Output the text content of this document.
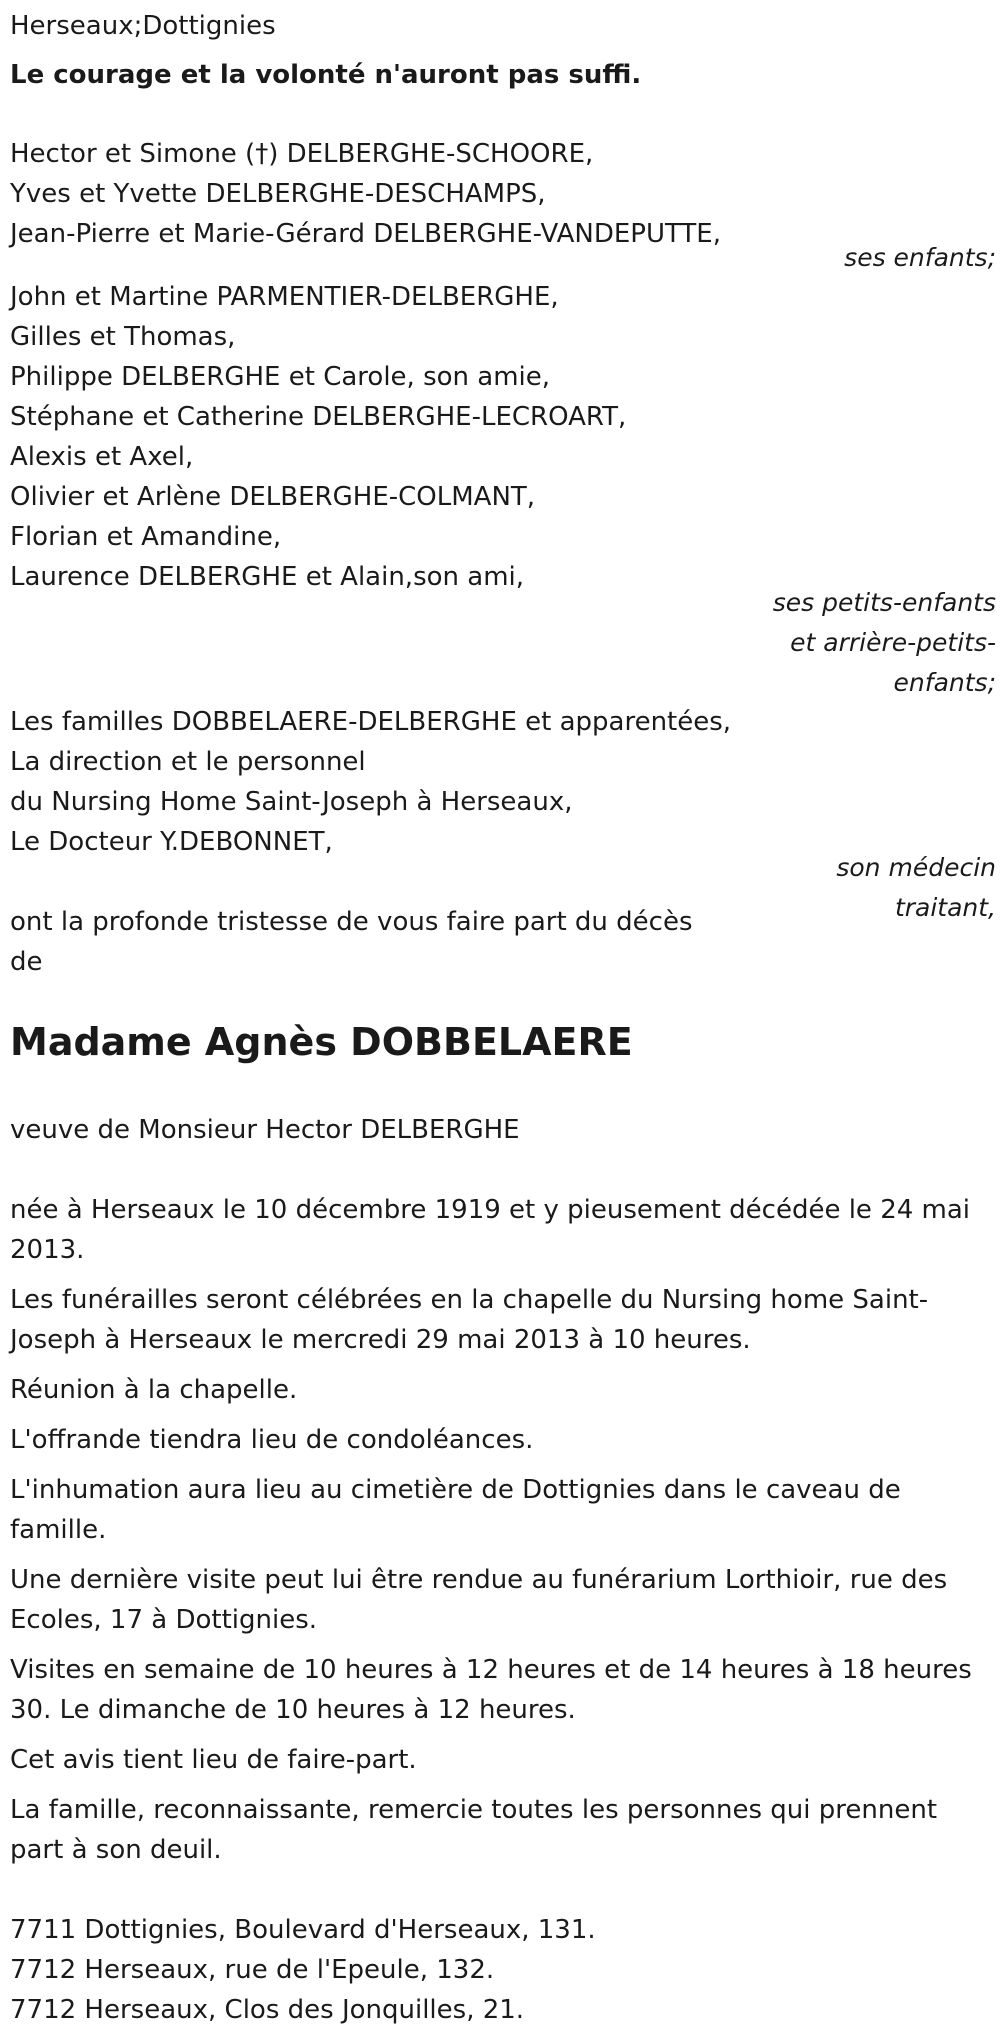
Herseaux;Dottignies
Le courage et la volonté n'auront pas suffi.
Hector et Simone (†) DELBERGHE-SCHOORE,
Yves et Yvette DELBERGHE-DESCHAMPS,
Jean-Pierre et Marie-Gérard DELBERGHE-VANDEPUTTE,
ses enfants;
John et Martine PARMENTIER-DELBERGHE,
Gilles et Thomas,
Philippe DELBERGHE et Carole, son amie,
Stéphane et Catherine DELBERGHE-LECROART,
Alexis et Axel,
Olivier et Arlène DELBERGHE-COLMANT,
Florian et Amandine,
Laurence DELBERGHE et Alain,son ami,
ses petits-enfants
et arrière-petits-
enfants;
Les familles DOBBELAERE-DELBERGHE et apparentées,
La direction et le personnel
du Nursing Home Saint-Joseph à Herseaux,
Le Docteur Y.DEBONNET,
son médecin
traitant,
ont la profonde tristesse de vous faire part du décès
de
Madame Agnès DOBBELAERE
veuve de Monsieur Hector DELBERGHE
née à Herseaux le 10 décembre 1919 et y pieusement décédée le 24 mai
2013.
Les funérailles seront célébrées en la chapelle du Nursing home Saint-
Joseph à Herseaux le mercredi 29 mai 2013 à 10 heures.
Réunion à la chapelle.
L'offrande tiendra lieu de condoléances.
L'inhumation aura lieu au cimetière de Dottignies dans le caveau de
famille.
Une dernière visite peut lui être rendue au funérarium Lorthioir, rue des
Ecoles, 17 à Dottignies.
Visites en semaine de 10 heures à 12 heures et de 14 heures à 18 heures
30. Le dimanche de 10 heures à 12 heures.
Cet avis tient lieu de faire-part.
La famille, reconnaissante, remercie toutes les personnes qui prennent
part à son deuil.
7711 Dottignies, Boulevard d'Herseaux, 131.
7712 Herseaux, rue de l'Epeule, 132.
7712 Herseaux, Clos des Jonquilles, 21.
